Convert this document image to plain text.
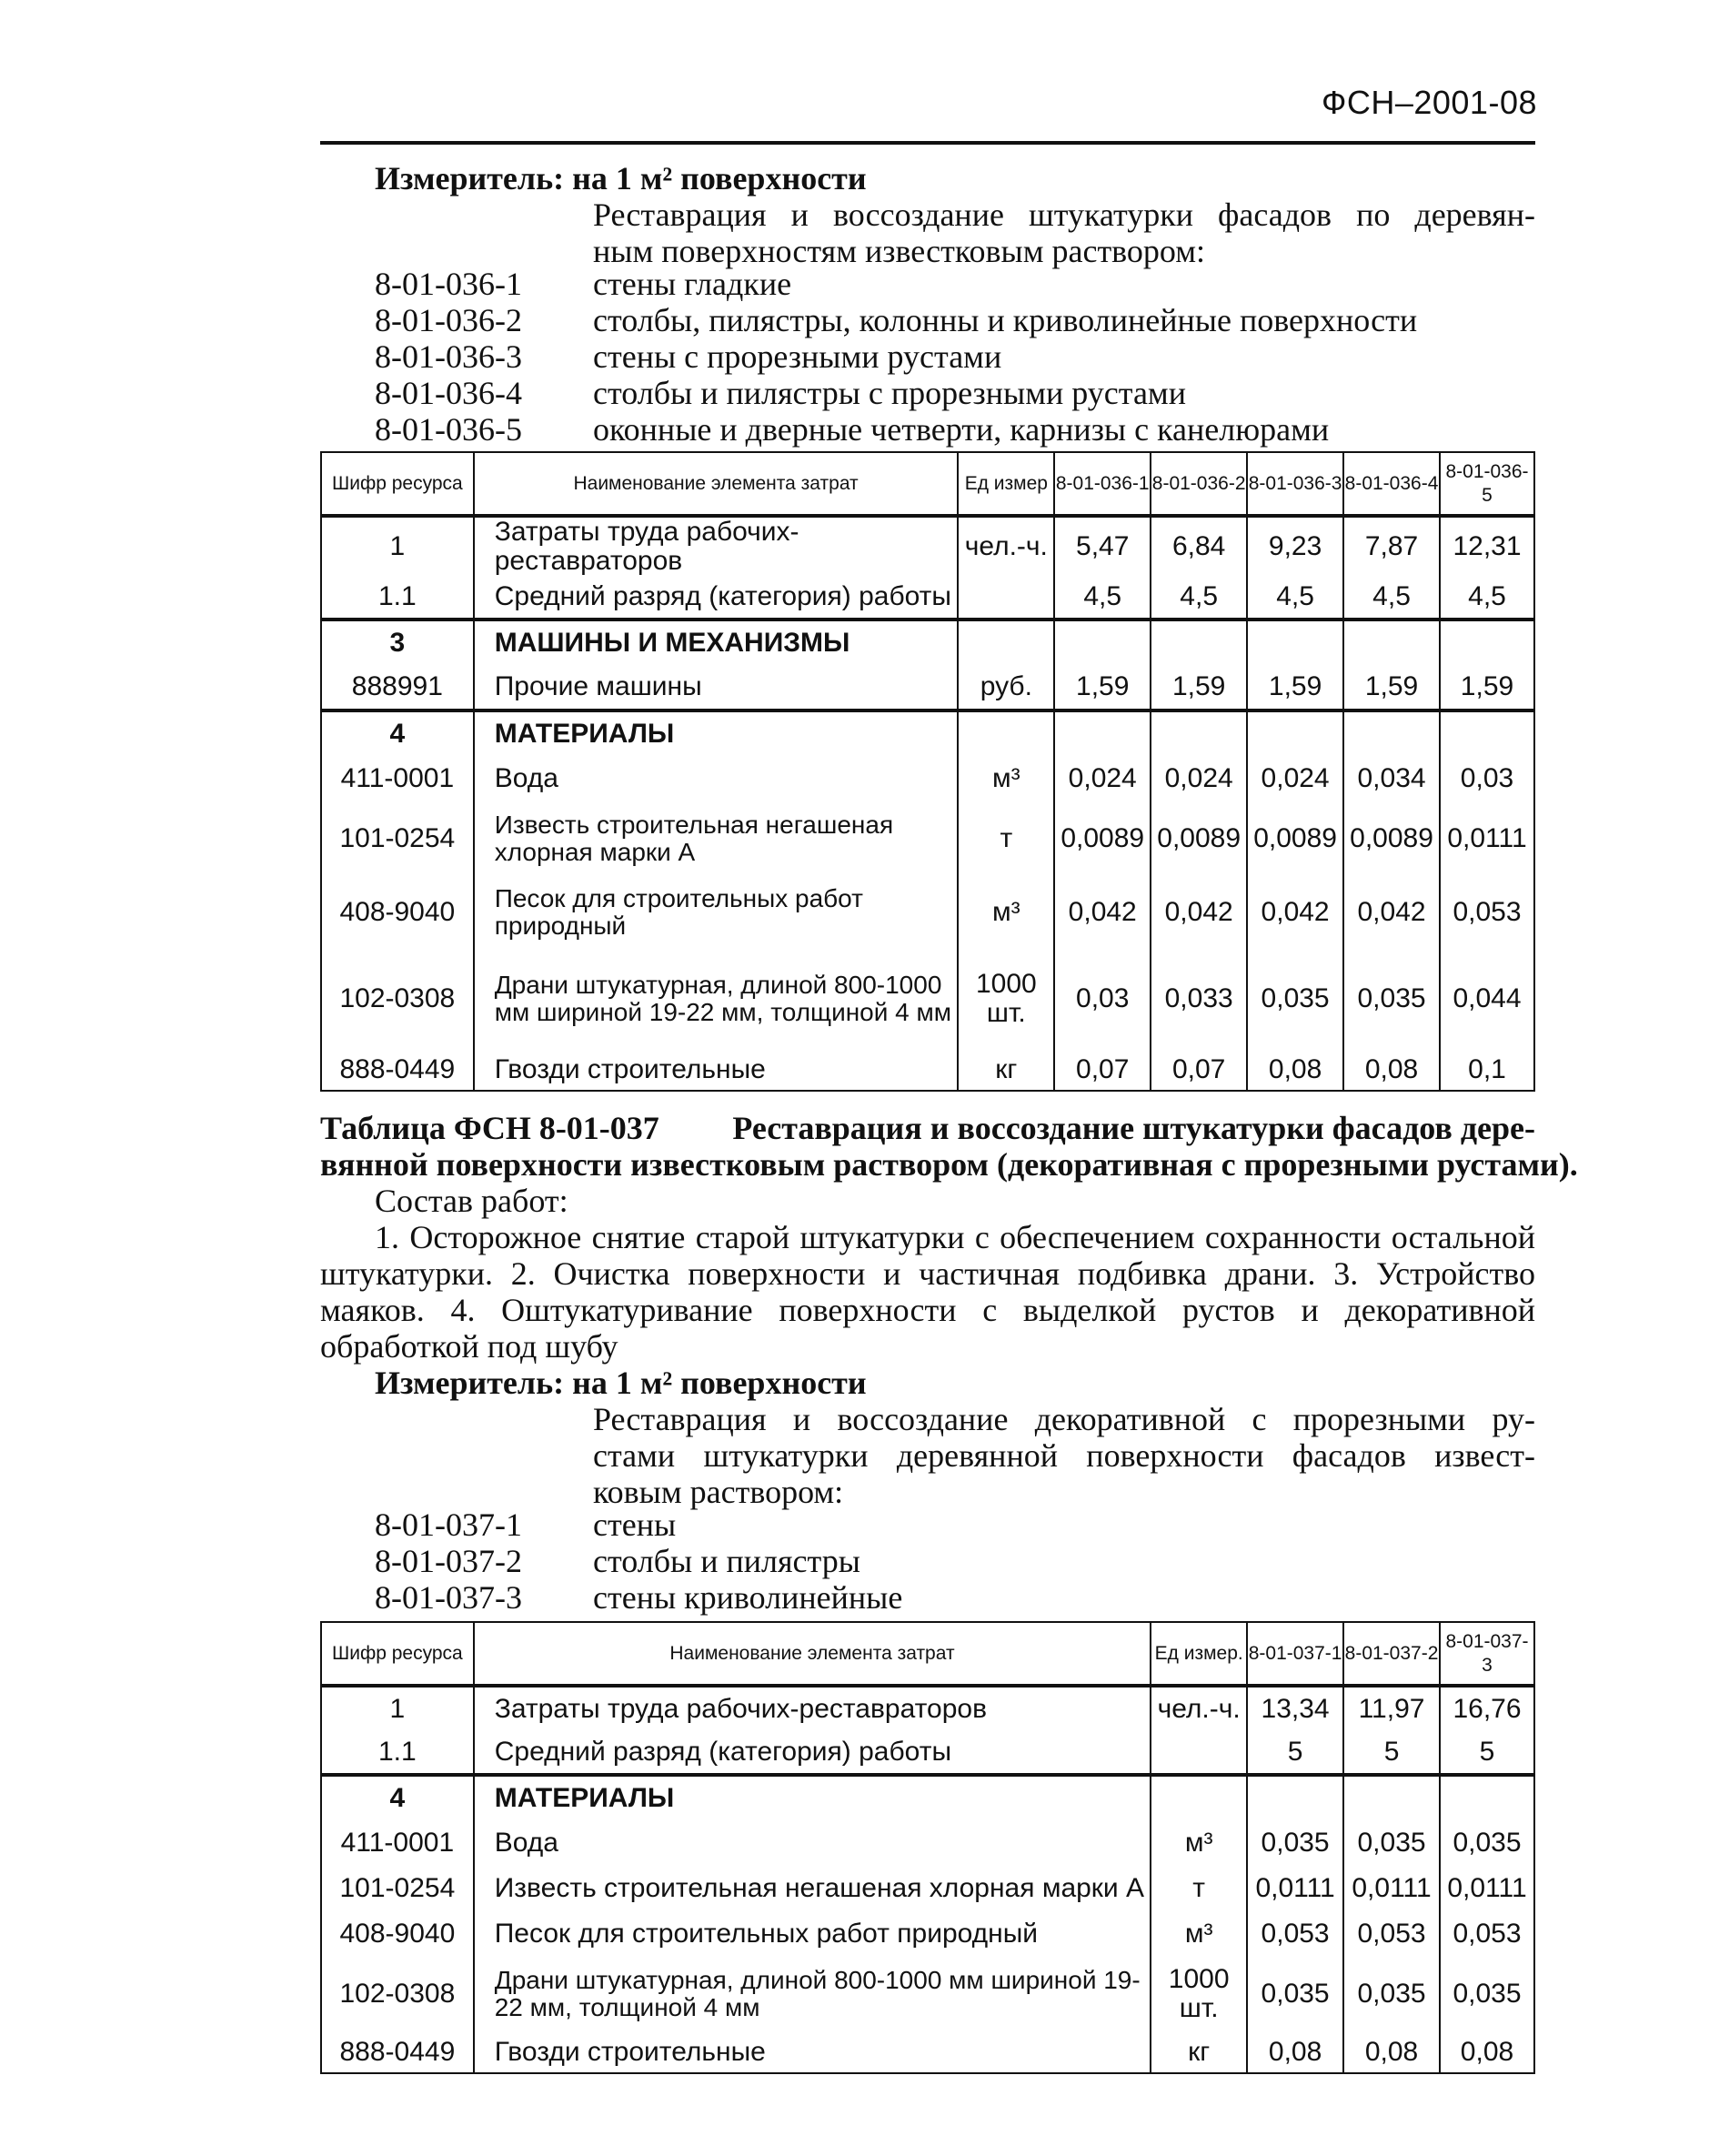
ФСН–2001-08
Измеритель: на 1 м² поверхности
Реставрация и воссоздание штукатурки фасадов по деревян-
ным поверхностям известковым раствором:
8-01-036-1	стены гладкие
8-01-036-2	столбы, пилястры, колонны и криволинейные поверхности
8-01-036-3	стены с прорезными рустами
8-01-036-4	столбы и пилястры с прорезными рустами
8-01-036-5	оконные и дверные четверти, карнизы с канелюрами
Шифр ресурса	Наименование элемента затрат	Ед измер	8-01-036-1	8-01-036-2	8-01-036-3	8-01-036-4	8-01-036-5
1	Затраты труда рабочих-реставраторов	чел.-ч.	5,47	6,84	9,23	7,87	12,31
1.1	Средний разряд (категория) работы		4,5	4,5	4,5	4,5	4,5
3	МАШИНЫ И МЕХАНИЗМЫ						
888991	Прочие машины	руб.	1,59	1,59	1,59	1,59	1,59
4	МАТЕРИАЛЫ						
411-0001	Вода	м³	0,024	0,024	0,024	0,034	0,03
101-0254	Известь строительная негашеная хлорная марки А	т	0,0089	0,0089	0,0089	0,0089	0,0111
408-9040	Песок для строительных работ природный	м³	0,042	0,042	0,042	0,042	0,053
102-0308	Драни штукатурная, длиной 800-1000 мм шириной 19-22 мм, толщиной 4 мм	1000 шт.	0,03	0,033	0,035	0,035	0,044
888-0449	Гвозди строительные	кг	0,07	0,07	0,08	0,08	0,1
Таблица ФСН 8-01-037 Реставрация и воссоздание штукатурки фасадов дере-
вянной поверхности известковым раствором (декоративная с прорезными рустами).
Состав работ:
1. Осторожное снятие старой штукатурки с обеспечением сохранности остальной штукатурки. 2. Очистка поверхности и частичная подбивка драни. 3. Устройство маяков. 4. Оштукатуривание поверхности с выделкой рустов и декоративной обработкой под шубу
Измеритель: на 1 м² поверхности
Реставрация и воссоздание декоративной с прорезными ру-
стами штукатурки деревянной поверхности фасадов извест-
ковым раствором:
8-01-037-1	стены
8-01-037-2	столбы и пилястры
8-01-037-3	стены криволинейные
Шифр ресурса	Наименование элемента затрат	Ед измер.	8-01-037-1	8-01-037-2	8-01-037-3
1	Затраты труда рабочих-реставраторов	чел.-ч.	13,34	11,97	16,76
1.1	Средний разряд (категория) работы		5	5	5
4	МАТЕРИАЛЫ				
411-0001	Вода	м³	0,035	0,035	0,035
101-0254	Известь строительная негашеная хлорная марки А	т	0,0111	0,0111	0,0111
408-9040	Песок для строительных работ природный	м³	0,053	0,053	0,053
102-0308	Драни штукатурная, длиной 800-1000 мм шириной 19-22 мм, толщиной 4 мм	1000 шт.	0,035	0,035	0,035
888-0449	Гвозди строительные	кг	0,08	0,08	0,08
